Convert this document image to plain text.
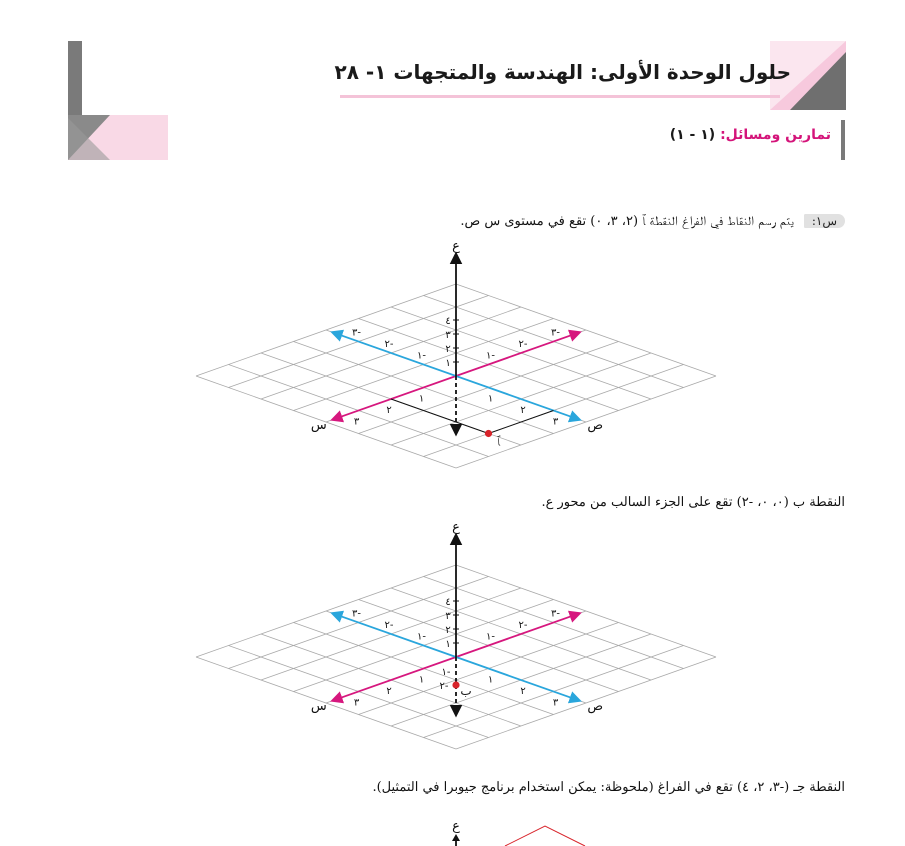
حلول الوحدة الأولى: الهندسة والمتجهات ١- ٢٨
تمارين ومسائل: (١ - ١)
س١: يتم رسم النقاط في الفراغ النقطة ﭑ (٢، ٣، ٠) تقع في مستوى س ص.
النقطة ب (٠، ٠، -٢) تقع على الجزء السالب من محور ع.
النقطة جـ (-٣، ٢، ٤) تقع في الفراغ (ملحوظة: يمكن استخدام برنامج جيوبرا في التمثيل).
ع
س	ص
٤
٣
٢
١
١
٢
٣
١-
٢-
٣-
١
٢
٣
١-
٢-
٣-
ﭑ
ع
س	ص
٤
٣
٢
١
١
٢
٣
١-
٢-
٣-
١
٢
٣
١-
٢-
٣-
ب
١-
٢-
ع
